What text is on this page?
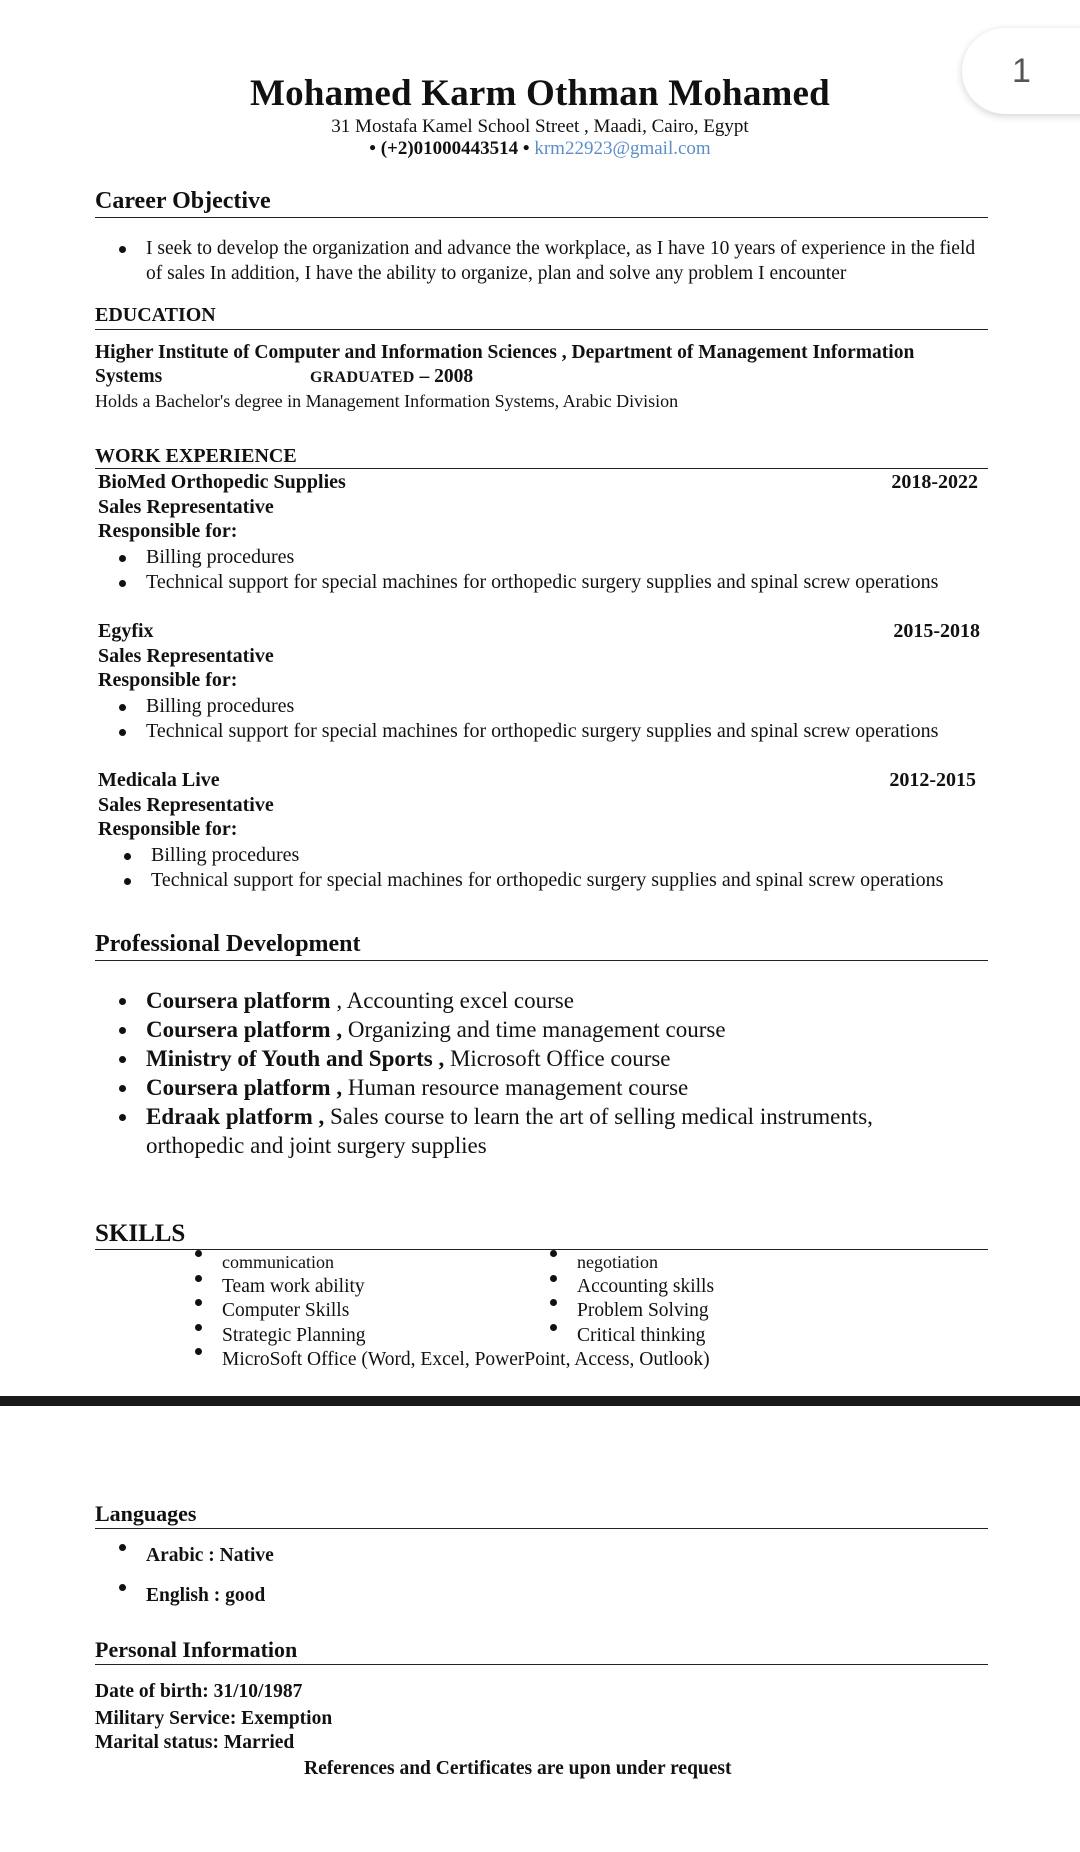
1
Mohamed Karm Othman Mohamed
31 Mostafa Kamel School Street , Maadi, Cairo, Egypt
• (+2)01000443514 • krm22923@gmail.com
Career Objective
I seek to develop the organization and advance the workplace, as I have 10 years of experience in the field of sales In addition, I have the ability to organize, plan and solve any problem I encounter
EDUCATION
Higher Institute of Computer and Information Sciences , Department of Management Information
Systems	GRADUATED – 2008
Holds a Bachelor's degree in Management Information Systems, Arabic Division
WORK EXPERIENCE
BioMed Orthopedic Supplies	2018-2022
Sales Representative
Responsible for:
Billing procedures
Technical support for special machines for orthopedic surgery supplies and spinal screw operations
Egyfix	2015-2018
Sales Representative
Responsible for:
Billing procedures
Technical support for special machines for orthopedic surgery supplies and spinal screw operations
Medicala Live	2012-2015
Sales Representative
Responsible for:
Billing procedures
Technical support for special machines for orthopedic surgery supplies and spinal screw operations
Professional Development
Coursera platform , Accounting excel course
Coursera platform , Organizing and time management course
Ministry of Youth and Sports , Microsoft Office course
Coursera platform , Human resource management course
Edraak platform , Sales course to learn the art of selling medical instruments,
orthopedic and joint surgery supplies
SKILLS
communication
Team work ability
Computer Skills
Strategic Planning
MicroSoft Office (Word, Excel, PowerPoint, Access, Outlook)
negotiation
Accounting skills
Problem Solving
Critical thinking
Languages
Arabic : Native
English : good
Personal Information
Date of birth: 31/10/1987
Military Service: Exemption
Marital status: Married
References and Certificates are upon under request
